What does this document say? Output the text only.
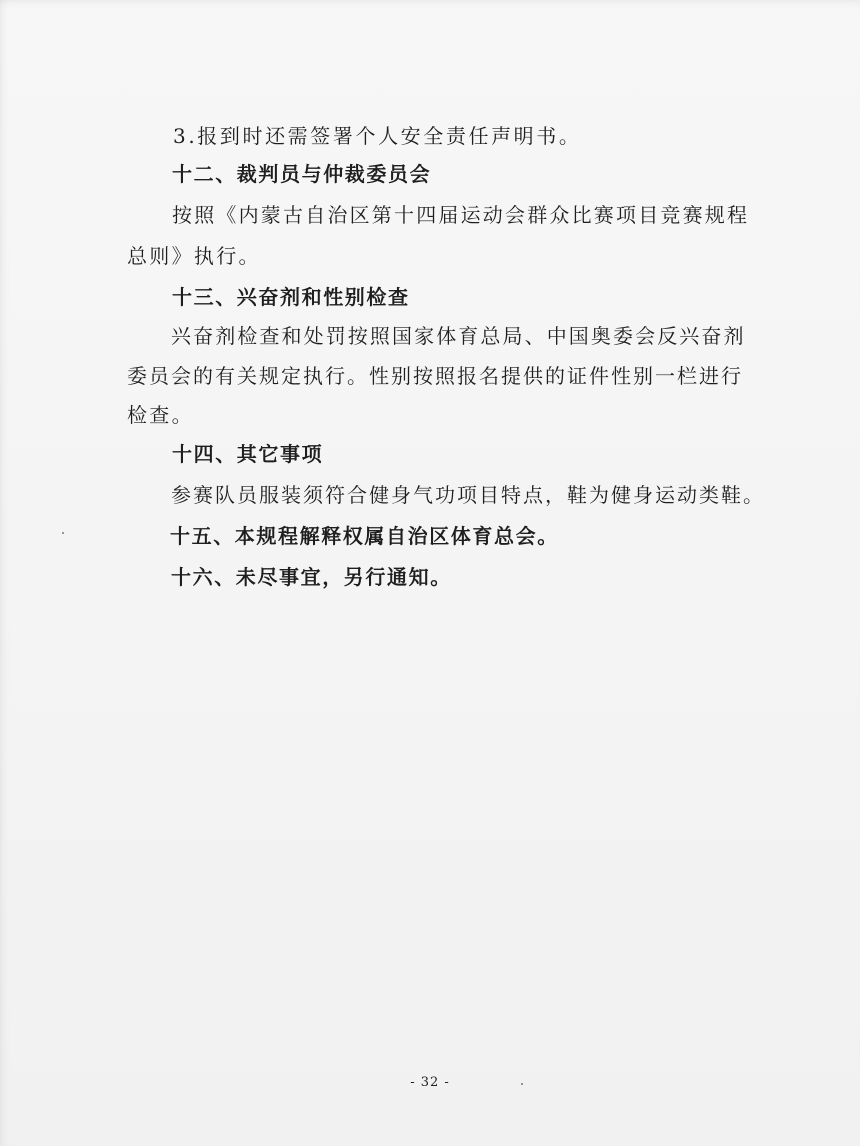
3.报到时还需签署个人安全责任声明书。
十二、裁判员与仲裁委员会
按照《内蒙古自治区第十四届运动会群众比赛项目竞赛规程
总则》执行。
十三、兴奋剂和性别检查
兴奋剂检查和处罚按照国家体育总局、中国奥委会反兴奋剂
委员会的有关规定执行。性别按照报名提供的证件性别一栏进行
检查。
十四、其它事项
参赛队员服装须符合健身气功项目特点，鞋为健身运动类鞋。
十五、本规程解释权属自治区体育总会。
十六、未尽事宜，另行通知。
- 32 -
